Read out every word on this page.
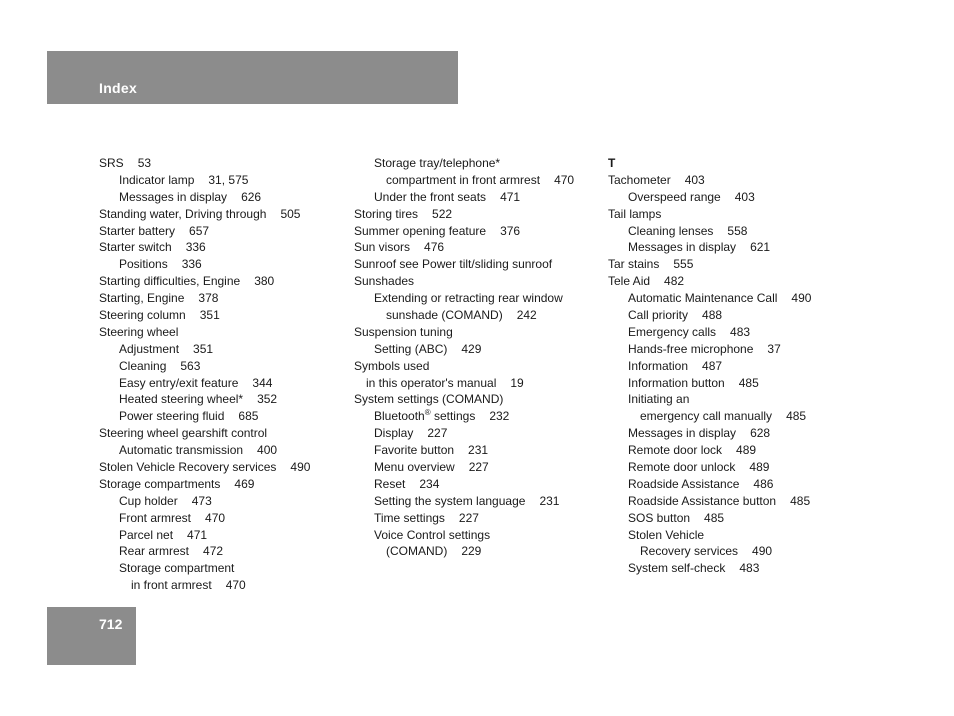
Index
SRS 53
Indicator lamp 31, 575
Messages in display 626
Standing water, Driving through 505
Starter battery 657
Starter switch 336
Positions 336
Starting difficulties, Engine 380
Starting, Engine 378
Steering column 351
Steering wheel
Adjustment 351
Cleaning 563
Easy entry/exit feature 344
Heated steering wheel* 352
Power steering fluid 685
Steering wheel gearshift control
Automatic transmission 400
Stolen Vehicle Recovery services 490
Storage compartments 469
Cup holder 473
Front armrest 470
Parcel net 471
Rear armrest 472
Storage compartment
in front armrest 470
Storage tray/telephone*
compartment in front armrest 470
Under the front seats 471
Storing tires 522
Summer opening feature 376
Sun visors 476
Sunroof see Power tilt/sliding sunroof
Sunshades
Extending or retracting rear window
sunshade (COMAND) 242
Suspension tuning
Setting (ABC) 429
Symbols used
in this operator's manual 19
System settings (COMAND)
Bluetooth® settings 232
Display 227
Favorite button 231
Menu overview 227
Reset 234
Setting the system language 231
Time settings 227
Voice Control settings
(COMAND) 229
T
Tachometer 403
Overspeed range 403
Tail lamps
Cleaning lenses 558
Messages in display 621
Tar stains 555
Tele Aid 482
Automatic Maintenance Call 490
Call priority 488
Emergency calls 483
Hands-free microphone 37
Information 487
Information button 485
Initiating an
emergency call manually 485
Messages in display 628
Remote door lock 489
Remote door unlock 489
Roadside Assistance 486
Roadside Assistance button 485
SOS button 485
Stolen Vehicle
Recovery services 490
System self-check 483
712
